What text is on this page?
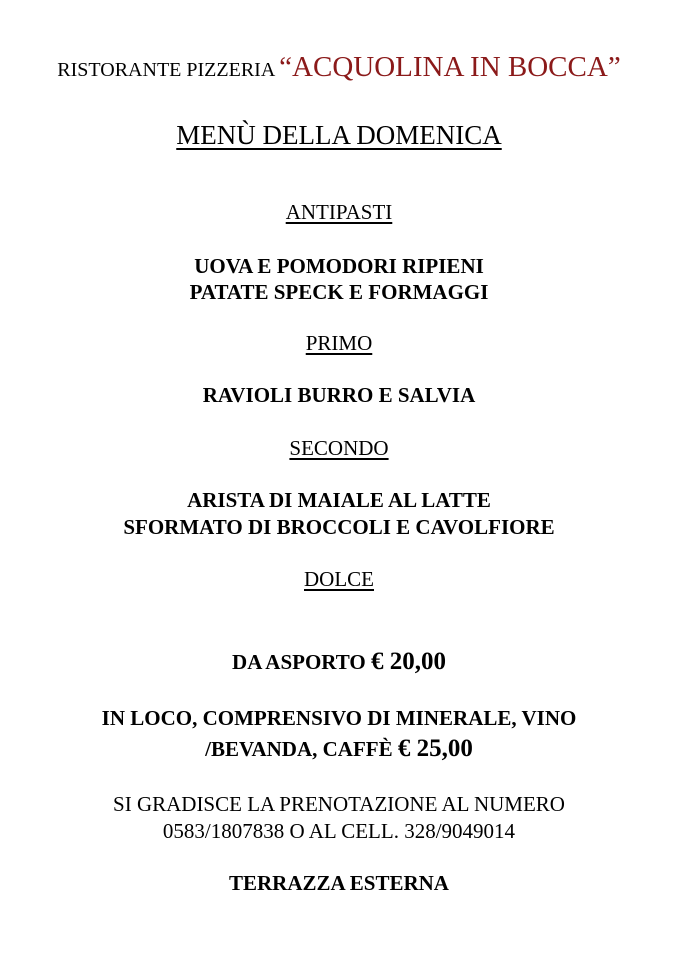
RISTORANTE PIZZERIA “ACQUOLINA IN BOCCA”
MENÙ DELLA DOMENICA
ANTIPASTI
UOVA E POMODORI RIPIENI
PATATE SPECK E FORMAGGI
PRIMO
RAVIOLI BURRO E SALVIA
SECONDO
ARISTA DI MAIALE AL LATTE
SFORMATO DI BROCCOLI E CAVOLFIORE
DOLCE
DA ASPORTO € 20,00
IN LOCO, COMPRENSIVO DI MINERALE, VINO
/BEVANDA, CAFFÈ € 25,00
SI GRADISCE LA PRENOTAZIONE AL NUMERO
0583/1807838 O AL CELL. 328/9049014
TERRAZZA ESTERNA
